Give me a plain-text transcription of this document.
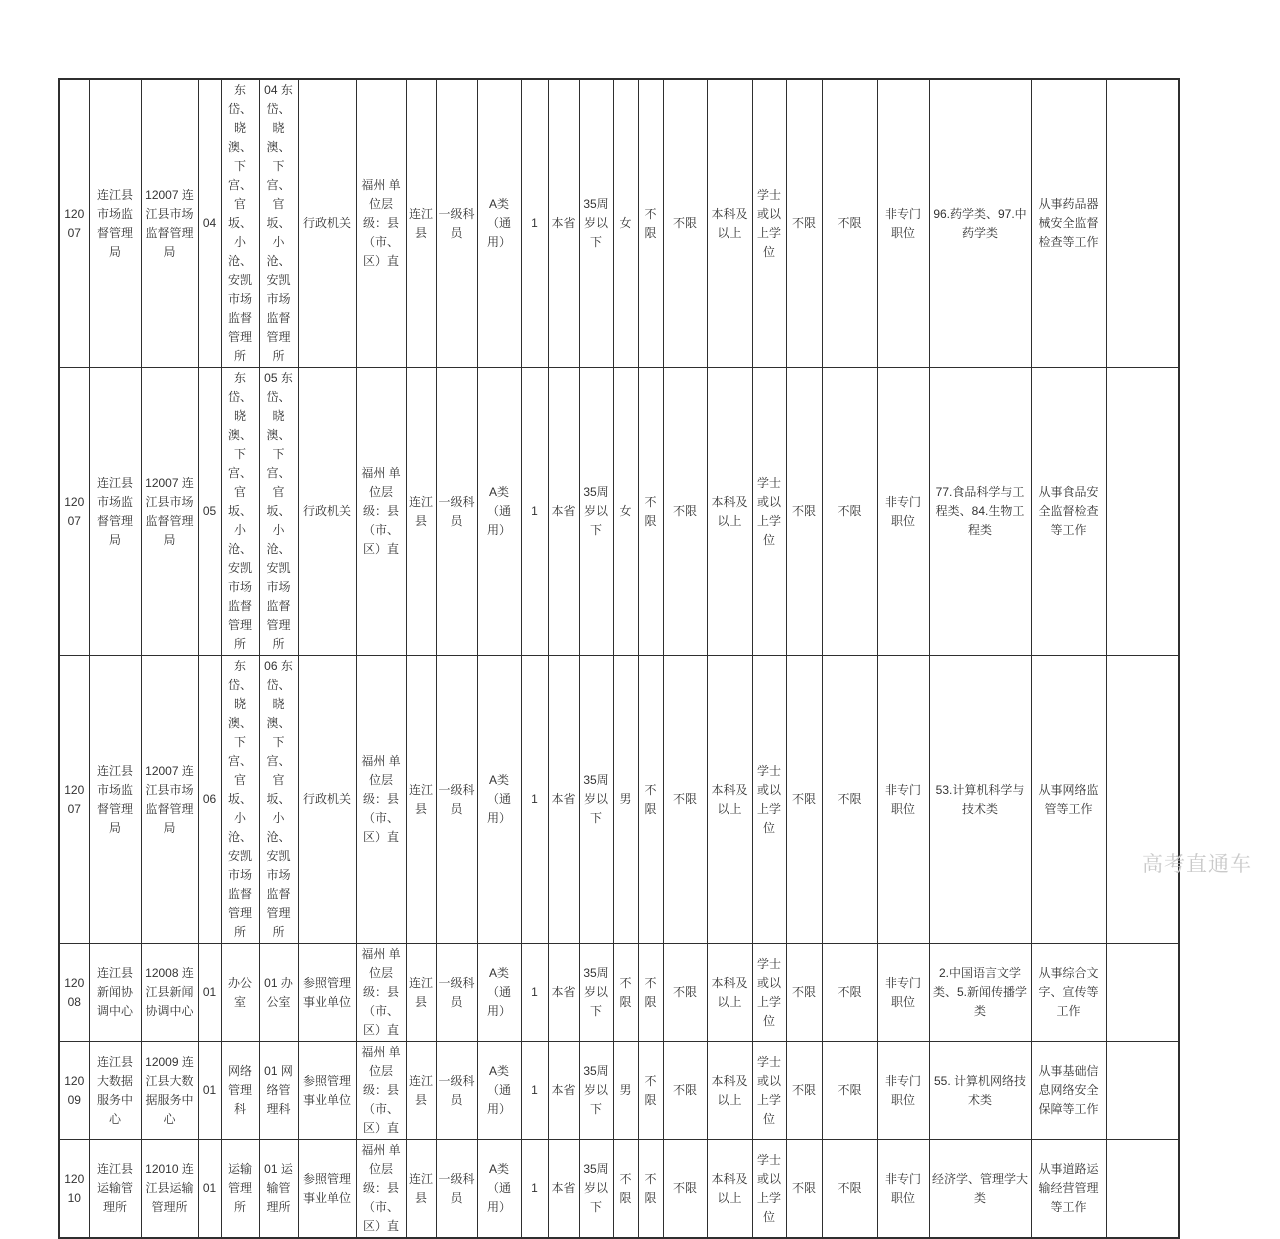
12007	连江县市场监督管理局	12007 连江县市场监督管理局	04	东岱、晓澳、下宫、官坂、小沧、安凯市场监督管理所	04 东岱、晓澳、下宫、官坂、小沧、安凯市场监督管理所	行政机关	福州 单位层级：县（市、区）直	连江县	一级科员	A类（通用）	1	本省	35周岁以下	女	不限	不限	本科及以上	学士或以上学位	不限	不限	非专门职位	96.药学类、97.中药学类	从事药品器械安全监督检查等工作	
12007	连江县市场监督管理局	12007 连江县市场监督管理局	05	东岱、晓澳、下宫、官坂、小沧、安凯市场监督管理所	05 东岱、晓澳、下宫、官坂、小沧、安凯市场监督管理所	行政机关	福州 单位层级：县（市、区）直	连江县	一级科员	A类（通用）	1	本省	35周岁以下	女	不限	不限	本科及以上	学士或以上学位	不限	不限	非专门职位	77.食品科学与工程类、84.生物工程类	从事食品安全监督检查等工作	
12007	连江县市场监督管理局	12007 连江县市场监督管理局	06	东岱、晓澳、下宫、官坂、小沧、安凯市场监督管理所	06 东岱、晓澳、下宫、官坂、小沧、安凯市场监督管理所	行政机关	福州 单位层级：县（市、区）直	连江县	一级科员	A类（通用）	1	本省	35周岁以下	男	不限	不限	本科及以上	学士或以上学位	不限	不限	非专门职位	53.计算机科学与技术类	从事网络监管等工作	
12008	连江县新闻协调中心	12008 连江县新闻协调中心	01	办公室	01 办公室	参照管理事业单位	福州 单位层级：县（市、区）直	连江县	一级科员	A类（通用）	1	本省	35周岁以下	不限	不限	不限	本科及以上	学士或以上学位	不限	不限	非专门职位	2.中国语言文学类、5.新闻传播学类	从事综合文字、宣传等工作	
12009	连江县大数据服务中心	12009 连江县大数据服务中心	01	网络管理科	01 网络管理科	参照管理事业单位	福州 单位层级：县（市、区）直	连江县	一级科员	A类（通用）	1	本省	35周岁以下	男	不限	不限	本科及以上	学士或以上学位	不限	不限	非专门职位	55. 计算机网络技术类	从事基础信息网络安全保障等工作	
12010	连江县运输管理所	12010 连江县运输管理所	01	运输管理所	01 运输管理所	参照管理事业单位	福州 单位层级：县（市、区）直	连江县	一级科员	A类（通用）	1	本省	35周岁以下	不限	不限	不限	本科及以上	学士或以上学位	不限	不限	非专门职位	经济学、管理学大类	从事道路运输经营管理等工作	
高考直通车
